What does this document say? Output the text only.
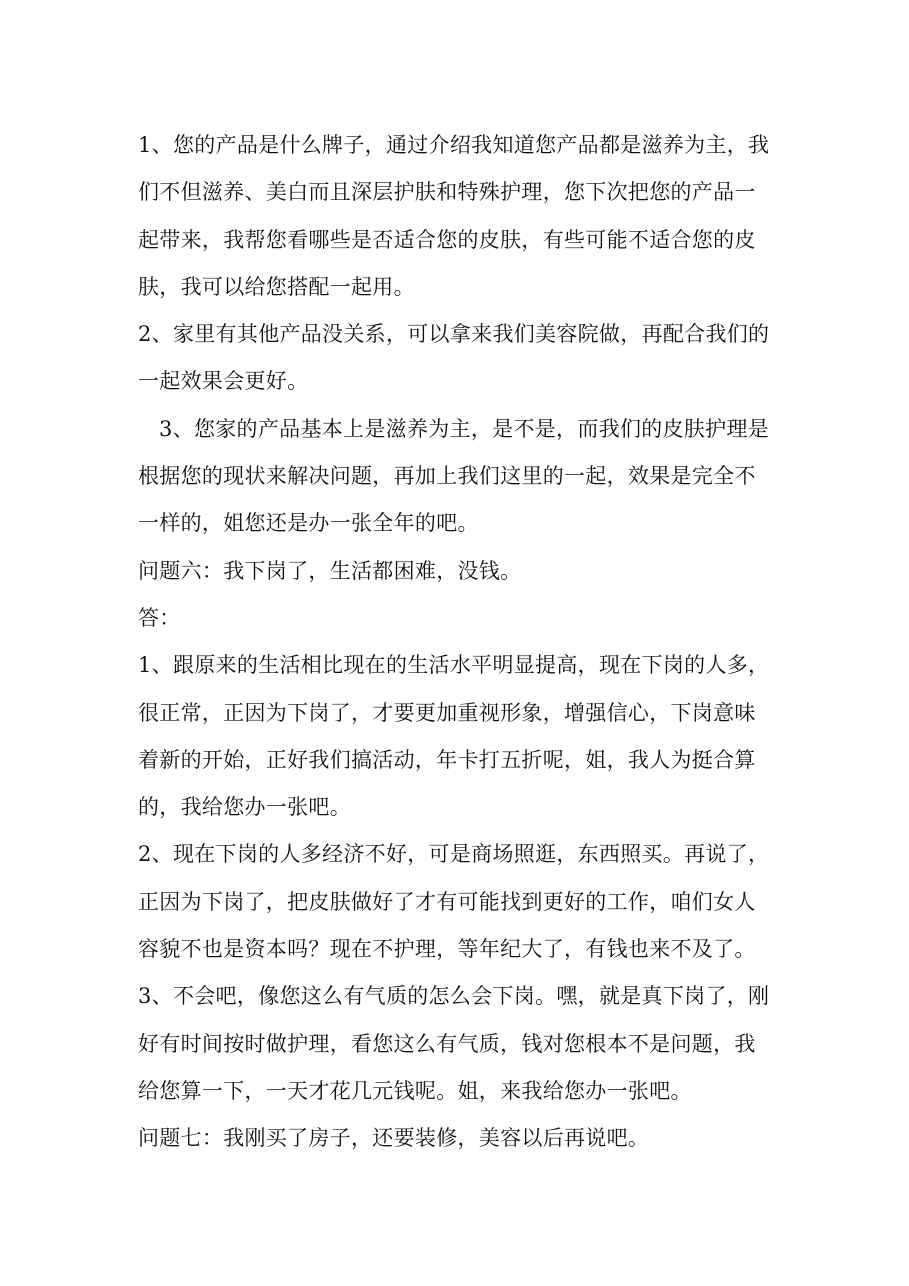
1、您的产品是什么牌子，通过介绍我知道您产品都是滋养为主，我
们不但滋养、美白而且深层护肤和特殊护理，您下次把您的产品一
起带来，我帮您看哪些是否适合您的皮肤，有些可能不适合您的皮
肤，我可以给您搭配一起用。
2、家里有其他产品没关系，可以拿来我们美容院做，再配合我们的
一起效果会更好。
3、您家的产品基本上是滋养为主，是不是，而我们的皮肤护理是
根据您的现状来解决问题，再加上我们这里的一起，效果是完全不
一样的，姐您还是办一张全年的吧。
问题六：我下岗了，生活都困难，没钱。
答：
1、跟原来的生活相比现在的生活水平明显提高，现在下岗的人多，
很正常，正因为下岗了，才要更加重视形象，增强信心，下岗意味
着新的开始，正好我们搞活动，年卡打五折呢，姐，我人为挺合算
的，我给您办一张吧。
2、现在下岗的人多经济不好，可是商场照逛，东西照买。再说了，
正因为下岗了，把皮肤做好了才有可能找到更好的工作，咱们女人
容貌不也是资本吗？现在不护理，等年纪大了，有钱也来不及了。
3、不会吧，像您这么有气质的怎么会下岗。嘿，就是真下岗了，刚
好有时间按时做护理，看您这么有气质，钱对您根本不是问题，我
给您算一下，一天才花几元钱呢。姐，来我给您办一张吧。
问题七：我刚买了房子，还要装修，美容以后再说吧。
